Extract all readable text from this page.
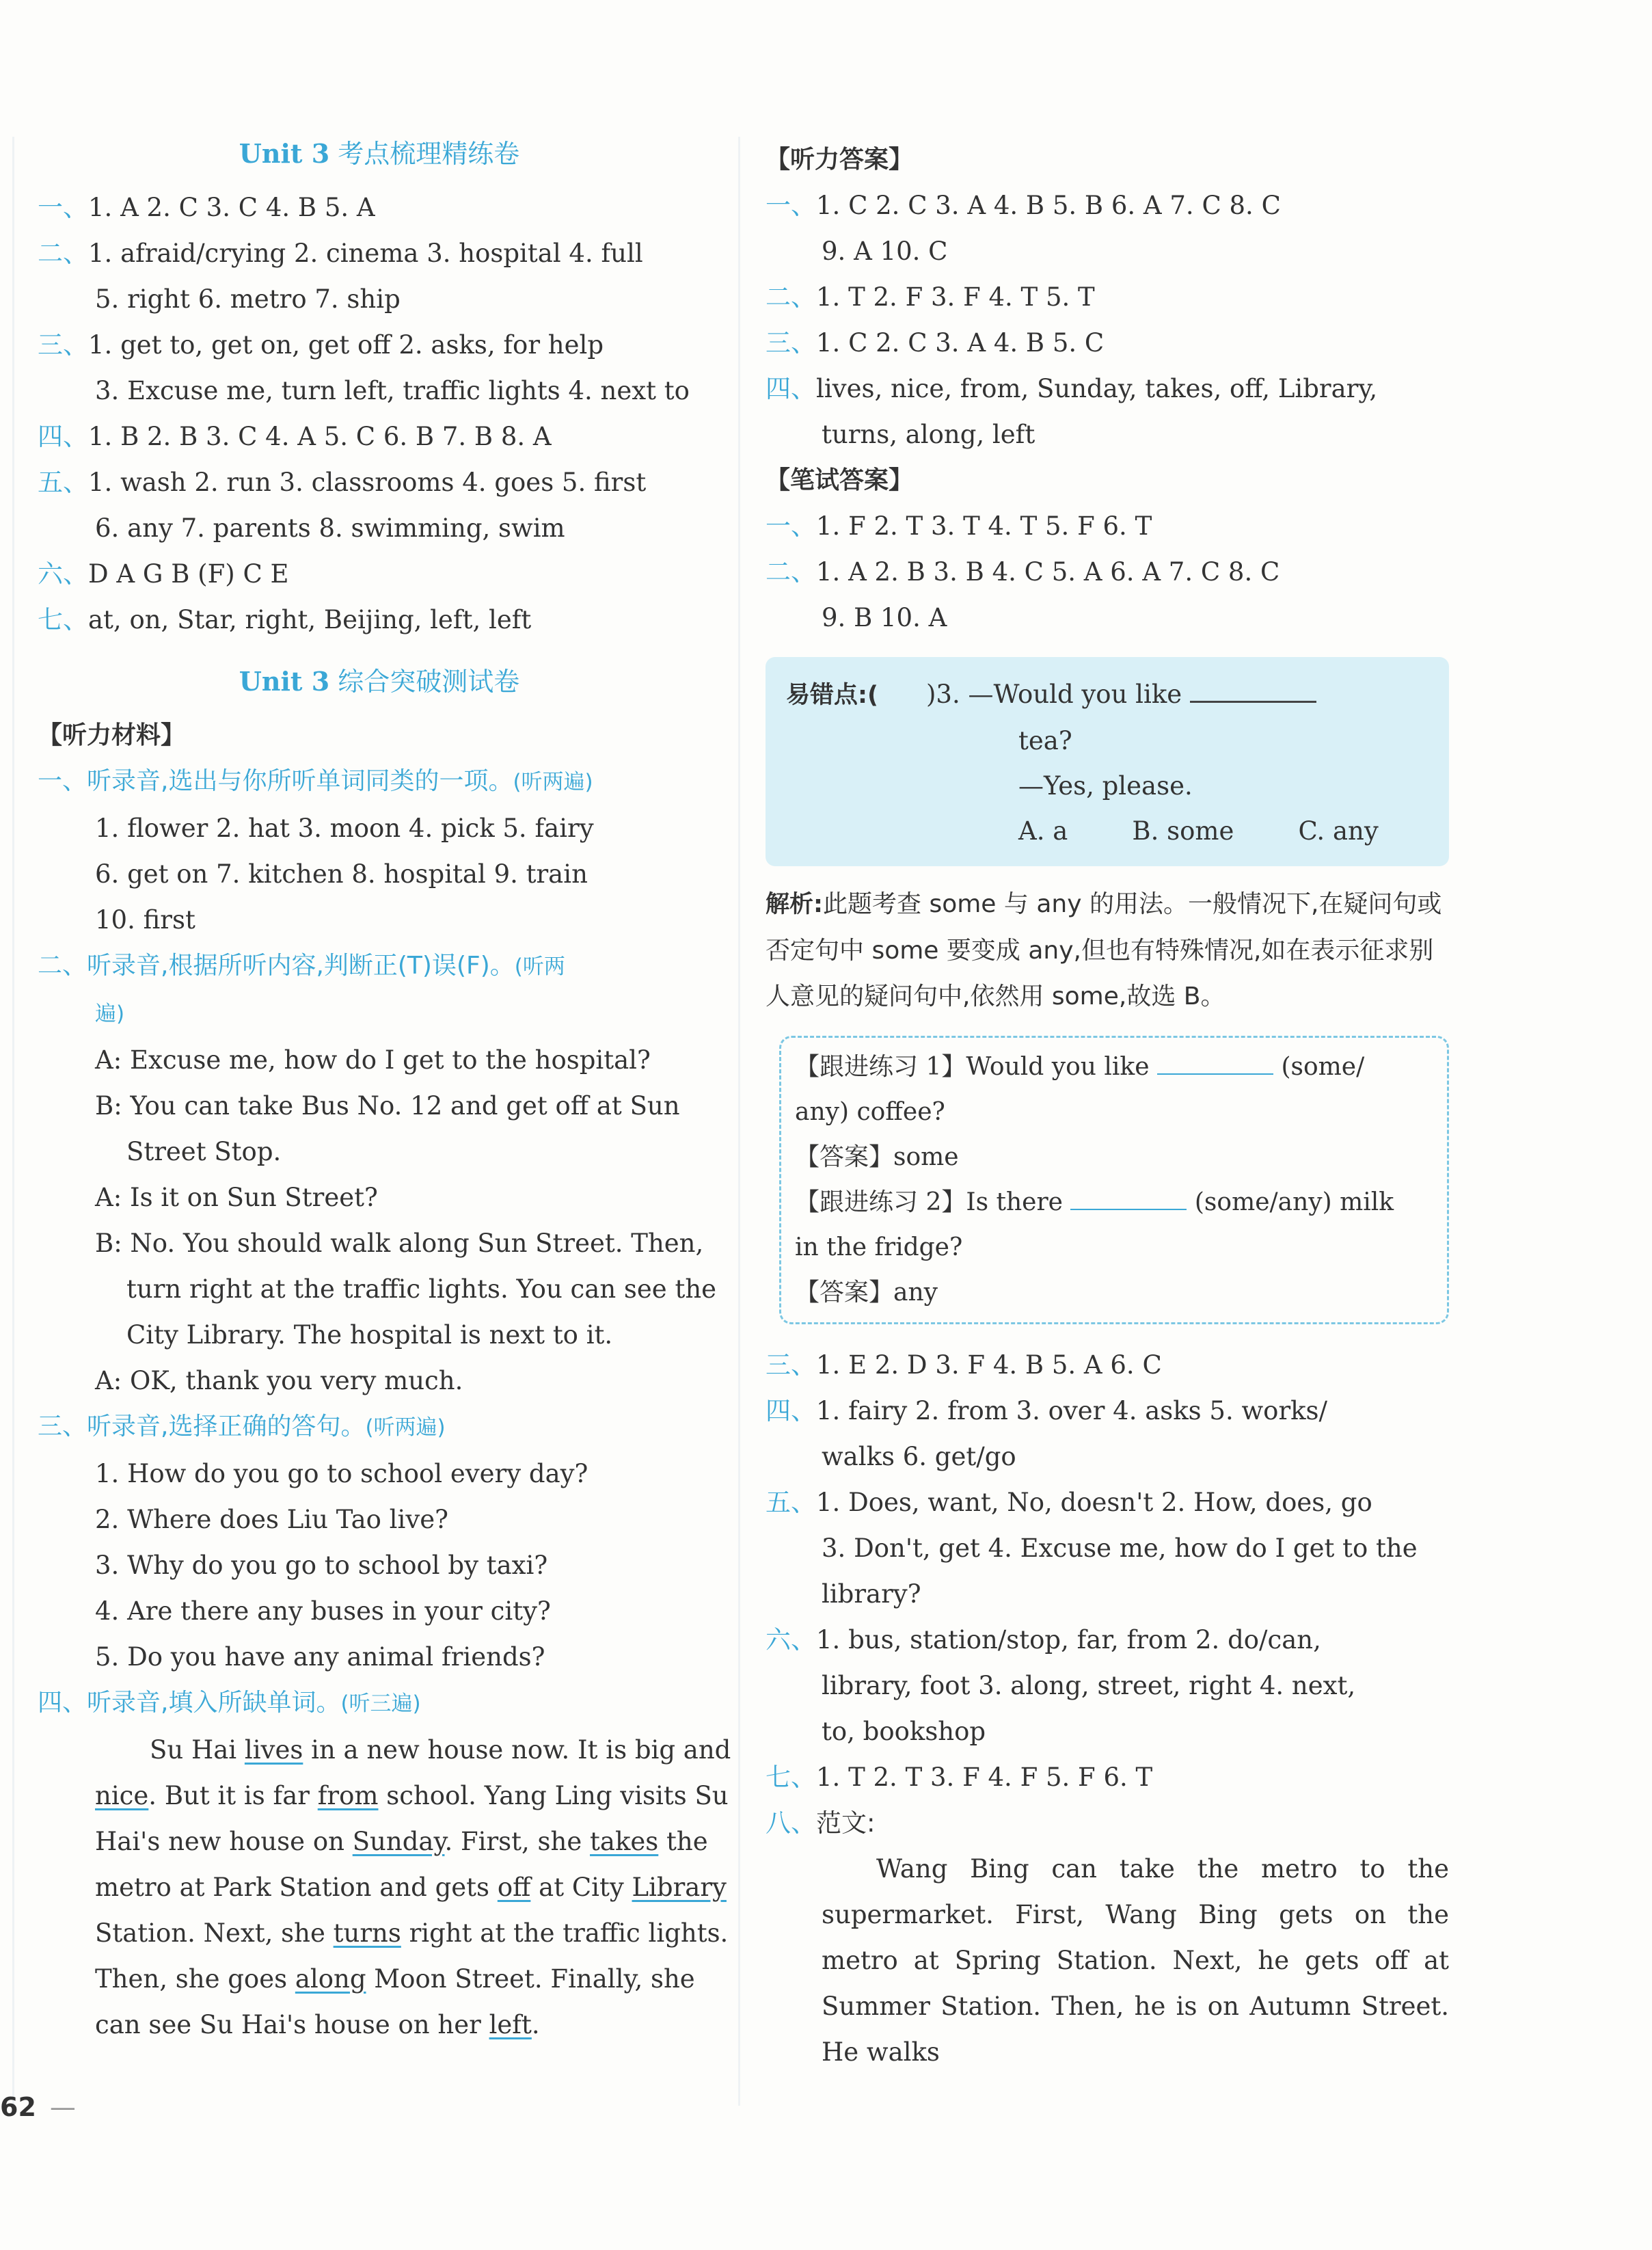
Unit 3 考点梳理精练卷
一、1. A 2. C 3. C 4. B 5. A
二、1. afraid/crying 2. cinema 3. hospital 4. full
5. right 6. metro 7. ship
三、1. get to, get on, get off 2. asks, for help
3. Excuse me, turn left, traffic lights 4. next to
四、1. B 2. B 3. C 4. A 5. C 6. B 7. B 8. A
五、1. wash 2. run 3. classrooms 4. goes 5. first
6. any 7. parents 8. swimming, swim
六、D A G B (F) C E
七、at, on, Star, right, Beijing, left, left
Unit 3 综合突破测试卷
【听力材料】
一、听录音,选出与你所听单词同类的一项。(听两遍)
1. flower 2. hat 3. moon 4. pick 5. fairy
6. get on 7. kitchen 8. hospital 9. train
10. first
二、听录音,根据所听内容,判断正(T)误(F)。(听两
遍)
A: Excuse me, how do I get to the hospital?
B: You can take Bus No. 12 and get off at Sun
Street Stop.
A: Is it on Sun Street?
B: No. You should walk along Sun Street. Then,
turn right at the traffic lights. You can see the
City Library. The hospital is next to it.
A: OK, thank you very much.
三、听录音,选择正确的答句。(听两遍)
1. How do you go to school every day?
2. Where does Liu Tao live?
3. Why do you go to school by taxi?
4. Are there any buses in your city?
5. Do you have any animal friends?
四、听录音,填入所缺单词。(听三遍)
Su Hai lives in a new house now. It is big and
nice. But it is far from school. Yang Ling visits Su
Hai's new house on Sunday. First, she takes the
metro at Park Station and gets off at City Library
Station. Next, she turns right at the traffic lights.
Then, she goes along Moon Street. Finally, she
can see Su Hai's house on her left.
【听力答案】
一、1. C 2. C 3. A 4. B 5. B 6. A 7. C 8. C
9. A 10. C
二、1. T 2. F 3. F 4. T 5. T
三、1. C 2. C 3. A 4. B 5. C
四、lives, nice, from, Sunday, takes, off, Library,
turns, along, left
【笔试答案】
一、1. F 2. T 3. T 4. T 5. F 6. T
二、1. A 2. B 3. B 4. C 5. A 6. A 7. C 8. C
9. B 10. A
易错点:( )3. —Would you like
tea?
—Yes, please.
A. a        B. some        C. any
解析:此题考查 some 与 any 的用法。一般情况下,在疑问句或否定句中 some 要变成 any,但也有特殊情况,如在表示征求别人意见的疑问句中,依然用 some,故选 B。
【跟进练习 1】Would you like	(some/
any) coffee?
【答案】some
【跟进练习 2】Is there	(some/any) milk
in the fridge?
【答案】any
三、1. E 2. D 3. F 4. B 5. A 6. C
四、1. fairy 2. from 3. over 4. asks 5. works/
walks 6. get/go
五、1. Does, want, No, doesn't 2. How, does, go
3. Don't, get 4. Excuse me, how do I get to the
library?
六、1. bus, station/stop, far, from 2. do/can,
library, foot 3. along, street, right 4. next,
to, bookshop
七、1. T 2. T 3. F 4. F 5. F 6. T
八、范文:
Wang Bing can take the metro to the supermarket. First, Wang Bing gets on the metro at Spring Station. Next, he gets off at Summer Station. Then, he is on Autumn Street. He walks
62 —
